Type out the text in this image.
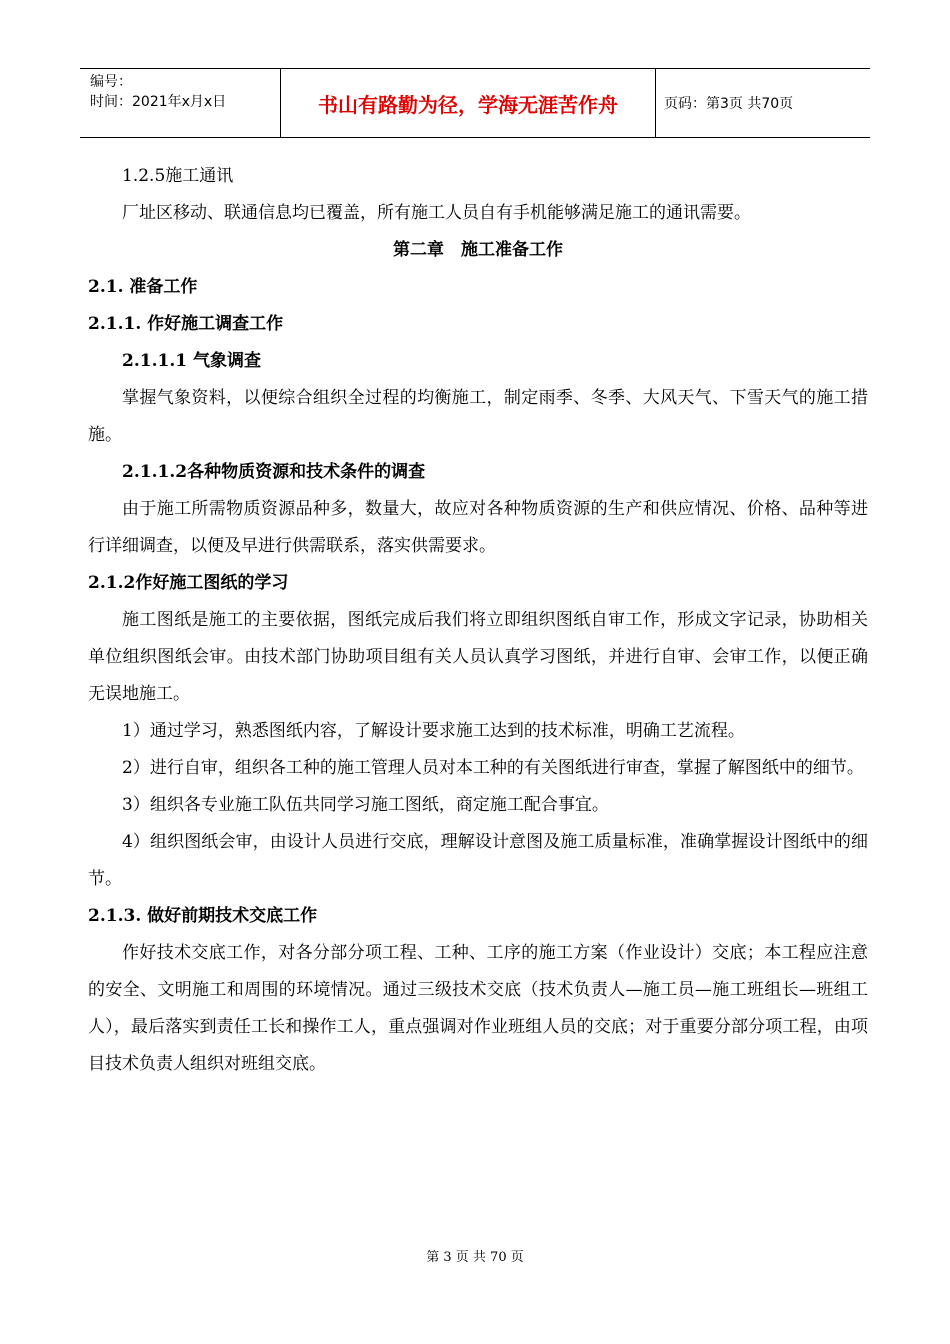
编号：
时间：2021年x月x日	书山有路勤为径，学海无涯苦作舟	页码：第3页 共70页

1.2.5施工通讯

厂址区移动、联通信息均已覆盖，所有施工人员自有手机能够满足施工的通讯需要。

第二章　施工准备工作

2.1. 准备工作

2.1.1. 作好施工调查工作

2.1.1.1 气象调查

掌握气象资料，以便综合组织全过程的均衡施工，制定雨季、冬季、大风天气、下雪天气的施工措施。

2.1.1.2各种物质资源和技术条件的调查

由于施工所需物质资源品种多，数量大，故应对各种物质资源的生产和供应情况、价格、品种等进行详细调查，以便及早进行供需联系，落实供需要求。

2.1.2作好施工图纸的学习

施工图纸是施工的主要依据，图纸完成后我们将立即组织图纸自审工作，形成文字记录，协助相关单位组织图纸会审。由技术部门协助项目组有关人员认真学习图纸，并进行自审、会审工作，以便正确无误地施工。

1）通过学习，熟悉图纸内容，了解设计要求施工达到的技术标准，明确工艺流程。

2）进行自审，组织各工种的施工管理人员对本工种的有关图纸进行审查，掌握了解图纸中的细节。

3）组织各专业施工队伍共同学习施工图纸，商定施工配合事宜。

4）组织图纸会审，由设计人员进行交底，理解设计意图及施工质量标准，准确掌握设计图纸中的细节。

2.1.3. 做好前期技术交底工作

作好技术交底工作，对各分部分项工程、工种、工序的施工方案（作业设计）交底；本工程应注意的安全、文明施工和周围的环境情况。通过三级技术交底（技术负责人—施工员—施工班组长—班组工人），最后落实到责任工长和操作工人，重点强调对作业班组人员的交底；对于重要分部分项工程，由项目技术负责人组织对班组交底。

第 3 页 共 70 页
